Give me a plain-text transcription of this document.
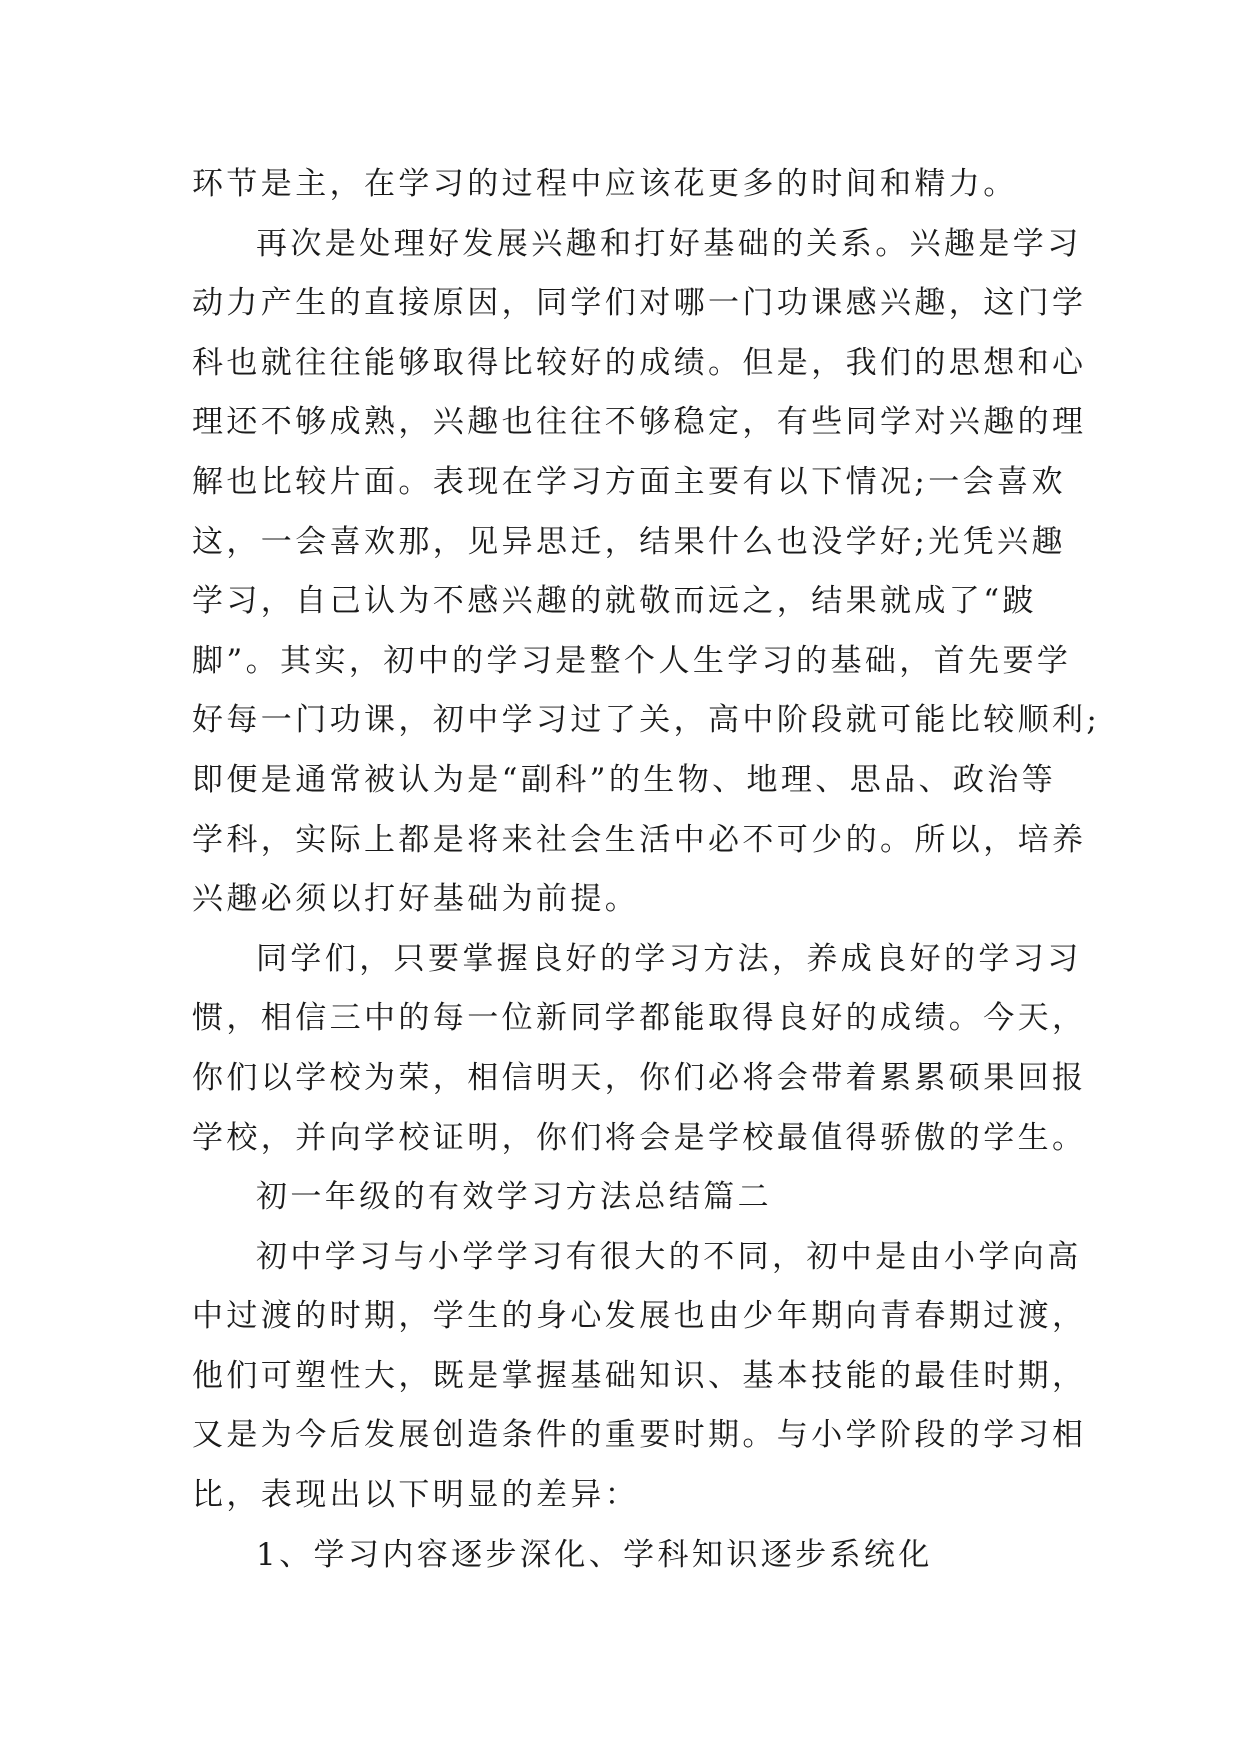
环节是主，在学习的过程中应该花更多的时间和精力。
再次是处理好发展兴趣和打好基础的关系。兴趣是学习
动力产生的直接原因，同学们对哪一门功课感兴趣，这门学
科也就往往能够取得比较好的成绩。但是，我们的思想和心
理还不够成熟，兴趣也往往不够稳定，有些同学对兴趣的理
解也比较片面。表现在学习方面主要有以下情况;一会喜欢
这，一会喜欢那，见异思迁，结果什么也没学好;光凭兴趣
学习，自己认为不感兴趣的就敬而远之，结果就成了“跛
脚”。其实，初中的学习是整个人生学习的基础，首先要学
好每一门功课，初中学习过了关，高中阶段就可能比较顺利;
即便是通常被认为是“副科”的生物、地理、思品、政治等
学科，实际上都是将来社会生活中必不可少的。所以，培养
兴趣必须以打好基础为前提。
同学们，只要掌握良好的学习方法，养成良好的学习习
惯，相信三中的每一位新同学都能取得良好的成绩。今天，
你们以学校为荣，相信明天，你们必将会带着累累硕果回报
学校，并向学校证明，你们将会是学校最值得骄傲的学生。
初一年级的有效学习方法总结篇二
初中学习与小学学习有很大的不同，初中是由小学向高
中过渡的时期，学生的身心发展也由少年期向青春期过渡，
他们可塑性大，既是掌握基础知识、基本技能的最佳时期，
又是为今后发展创造条件的重要时期。与小学阶段的学习相
比，表现出以下明显的差异：
1、学习内容逐步深化、学科知识逐步系统化
